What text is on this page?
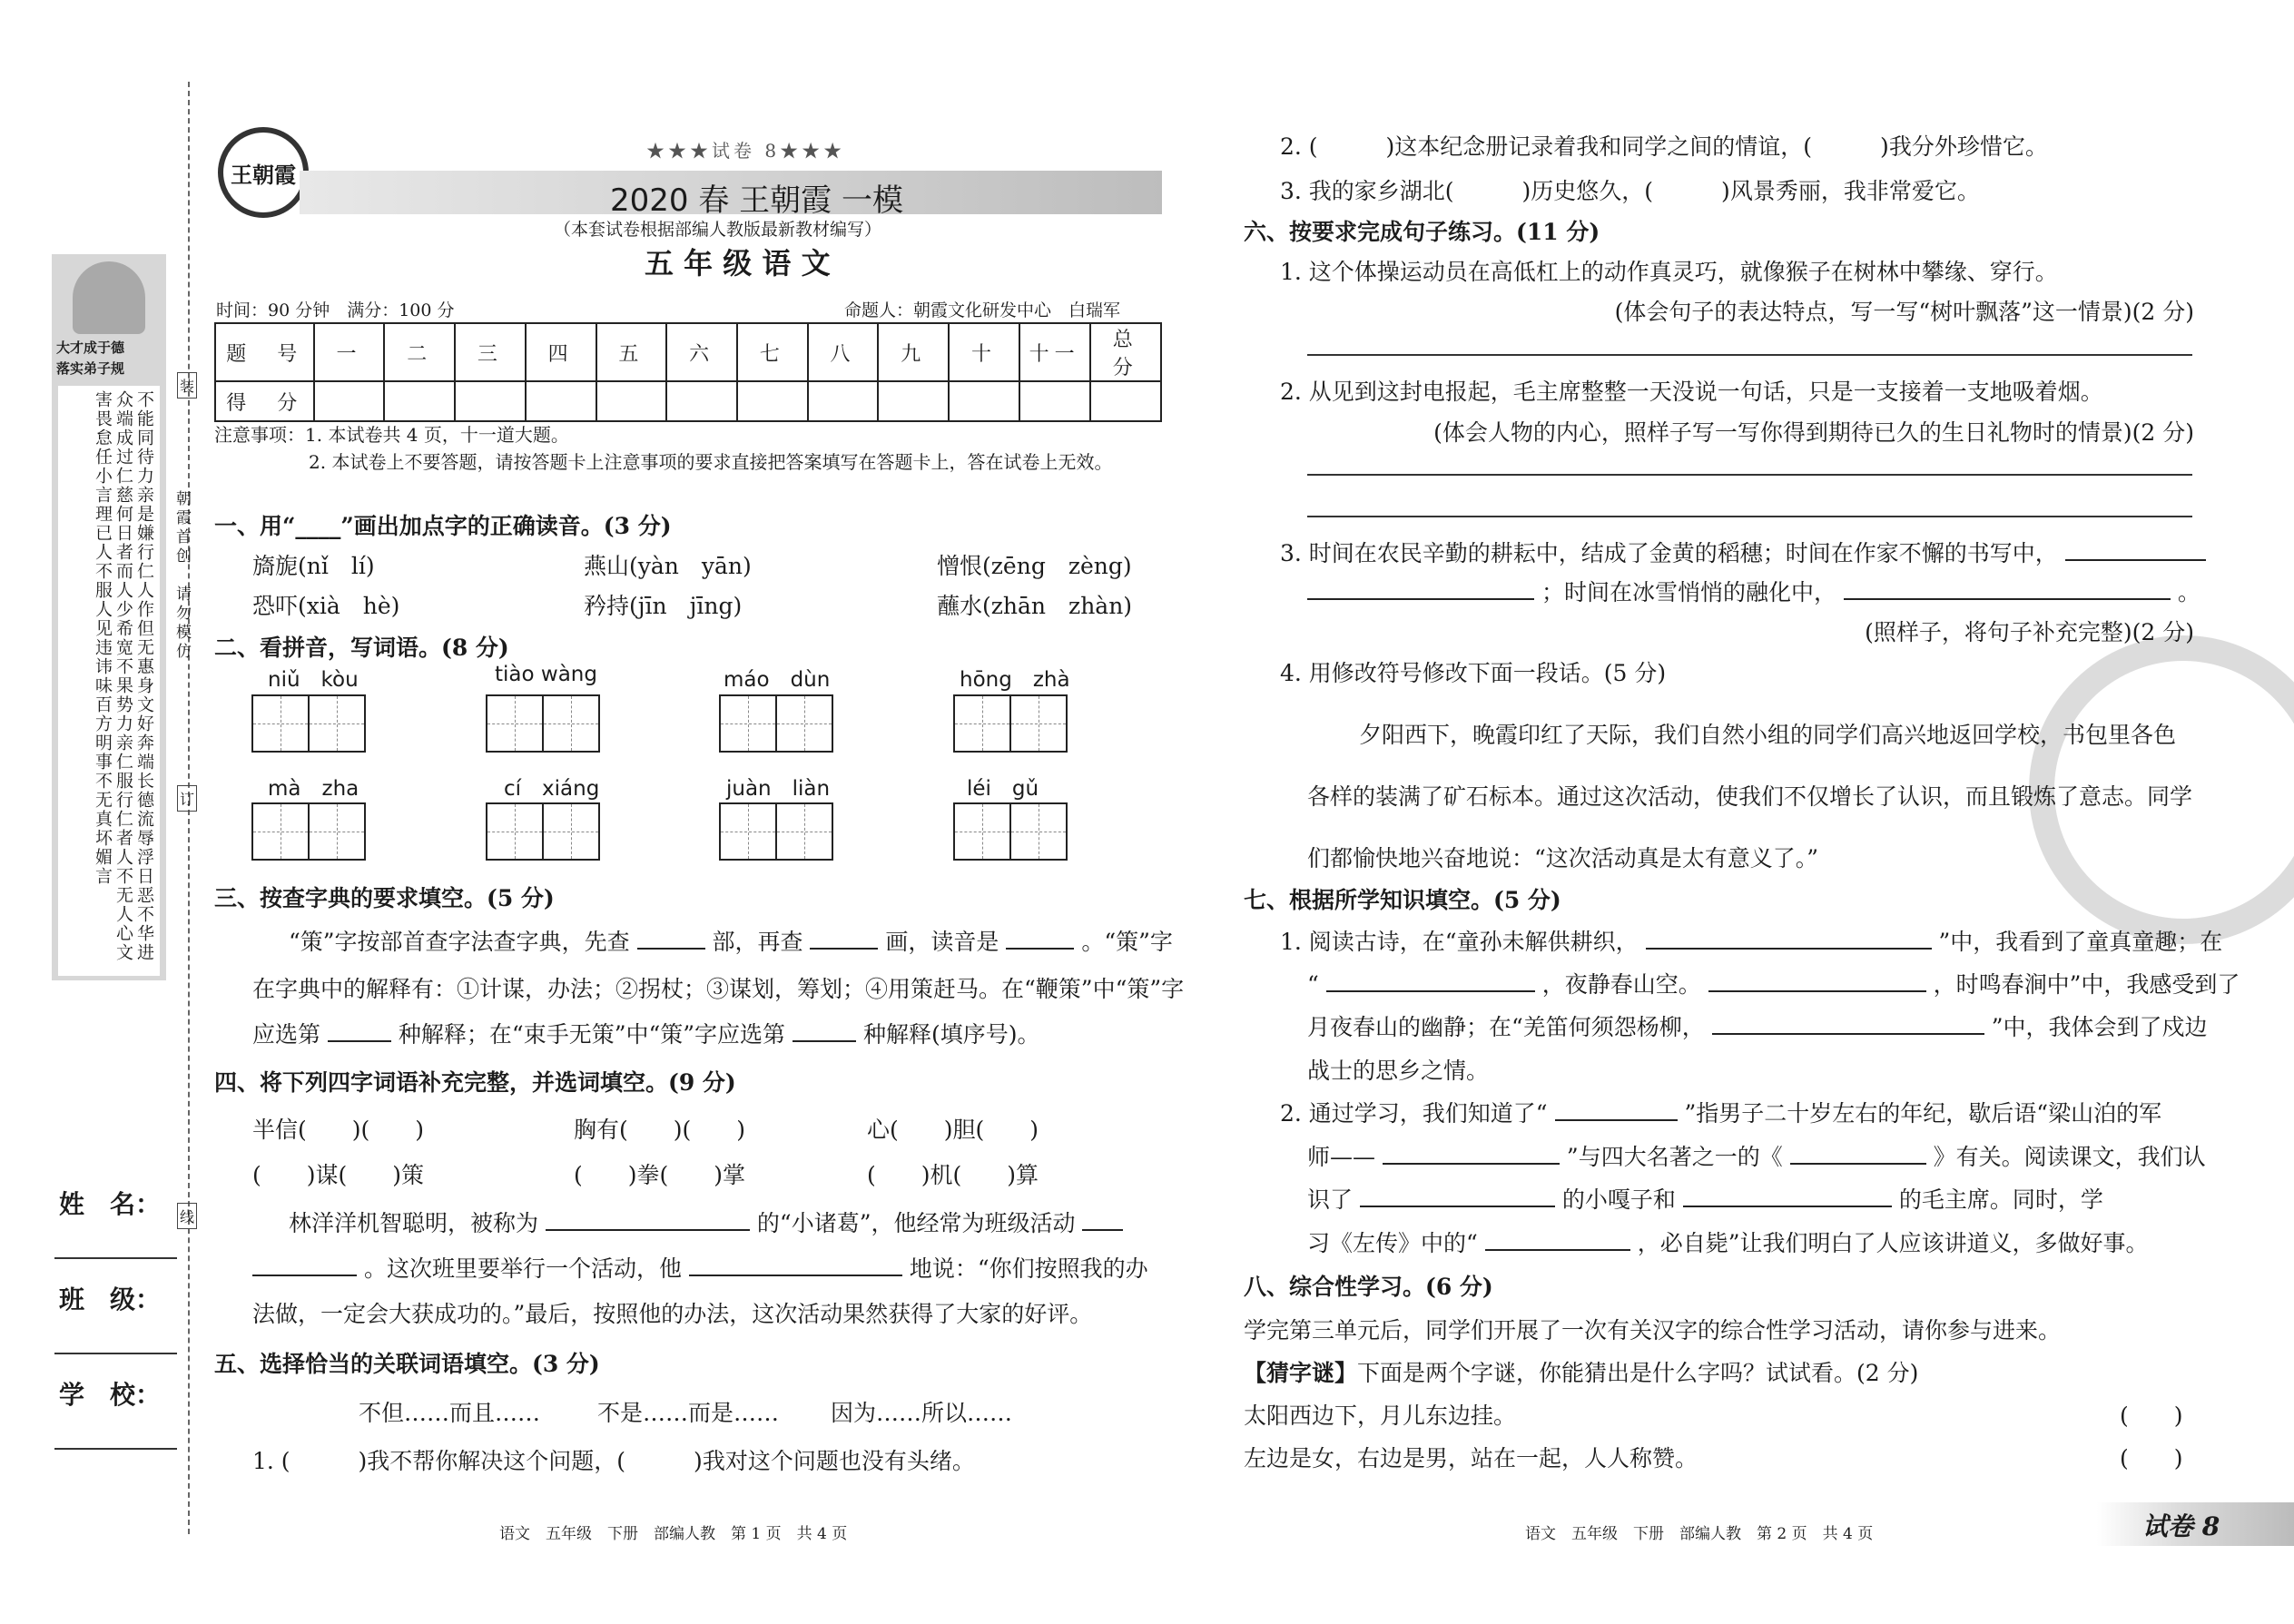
大才成于德
落实弟子规
不能同待力亲是嫌行仁人作但无惠身文好奔端长德流辱浮日恶不华进众端成过仁慈何日者而人少希宽不果势力亲仁服行仁者人不无人心文害畏怠任小言理已人不服人见违讳味百方明事不无真坏媚言
姓　名：
班　级：
学　校：
朝霞首创　请勿模仿
装
订
线
王朝霞
★★★试卷 8★★★
2020 春 王朝霞 一模
（本套试卷根据部编人教版最新教材编写）
五 年 级 语 文
时间：90 分钟　满分：100 分	命题人：朝霞文化研发中心　白瑞军
题　号	一	二	三	四	五	六	七	八	九	十	十一	总　分
得　分												
注意事项：1. 本试卷共 4 页，十一道大题。
2. 本试卷上不要答题，请按答题卡上注意事项的要求直接把答案填写在答题卡上，答在试卷上无效。
一、用“____”画出加点字的正确读音。(3 分)
旖旎(nǐ　lí)	燕山(yàn　yān)	憎恨(zēng　zèng)
恐吓(xià　hè)	矜持(jīn　jīng)	蘸水(zhān　zhàn)
二、看拼音，写词语。(8 分)
niǔ　kòu	tiào wàng	máo　dùn	hōng　zhà
mà　zha	cí　xiáng	juàn　liàn	léi　gǔ
三、按查字典的要求填空。(5 分)
“策”字按部首查字法查字典，先查	部，再查	画，读音是	。“策”字
在字典中的解释有：①计谋，办法；②拐杖；③谋划，筹划；④用策赶马。在“鞭策”中“策”字
应选第	种解释；在“束手无策”中“策”字应选第	种解释(填序号)。
四、将下列四字词语补充完整，并选词填空。(9 分)
半信(　　)(　　)	胸有(　　)(　　)	心(　　)胆(　　)
(　　)谋(　　)策	(　　)拳(　　)掌	(　　)机(　　)算
林洋洋机智聪明，被称为	的“小诸葛”，他经常为班级活动
。这次班里要举行一个活动，他	地说：“你们按照我的办
法做，一定会大获成功的。”最后，按照他的办法，这次活动果然获得了大家的好评。
五、选择恰当的关联词语填空。(3 分)
不但……而且……	不是……而是…… 因为……所以……
1. (　　　)我不帮你解决这个问题，(　　　)我对这个问题也没有头绪。
语文　五年级　下册　部编人教　第 1 页　共 4 页
2. (　　　)这本纪念册记录着我和同学之间的情谊，(　　　)我分外珍惜它。
3. 我的家乡湖北(　　　)历史悠久，(　　　)风景秀丽，我非常爱它。
六、按要求完成句子练习。(11 分)
1. 这个体操运动员在高低杠上的动作真灵巧，就像猴子在树林中攀缘、穿行。
(体会句子的表达特点，写一写“树叶飘落”这一情景)(2 分)
2. 从见到这封电报起，毛主席整整一天没说一句话，只是一支接着一支地吸着烟。
(体会人物的内心，照样子写一写你得到期待已久的生日礼物时的情景)(2 分)
3. 时间在农民辛勤的耕耘中，结成了金黄的稻穗；时间在作家不懈的书写中，
；时间在冰雪悄悄的融化中，	。
(照样子，将句子补充完整)(2 分)
4. 用修改符号修改下面一段话。(5 分)
夕阳西下，晚霞印红了天际，我们自然小组的同学们高兴地返回学校，书包里各色
各样的装满了矿石标本。通过这次活动，使我们不仅增长了认识，而且锻炼了意志。同学
们都愉快地兴奋地说：“这次活动真是太有意义了。”
七、根据所学知识填空。(5 分)
1. 阅读古诗，在“童孙未解供耕织，	”中，我看到了童真童趣；在
“	，夜静春山空。	，时鸣春涧中”中，我感受到了
月夜春山的幽静；在“羌笛何须怨杨柳，	”中，我体会到了戍边
战士的思乡之情。
2. 通过学习，我们知道了“	”指男子二十岁左右的年纪，歇后语“梁山泊的军
师——	”与四大名著之一的《	》有关。阅读课文，我们认
识了	的小嘎子和	的毛主席。同时，学
习《左传》中的“	，必自毙”让我们明白了人应该讲道义，多做好事。
八、综合性学习。(6 分)
学完第三单元后，同学们开展了一次有关汉字的综合性学习活动，请你参与进来。
【猜字谜】下面是两个字谜，你能猜出是什么字吗？试试看。(2 分)
太阳西边下，月儿东边挂。	(　　)
左边是女，右边是男，站在一起，人人称赞。	(　　)
语文　五年级　下册　部编人教　第 2 页　共 4 页	试卷 8
